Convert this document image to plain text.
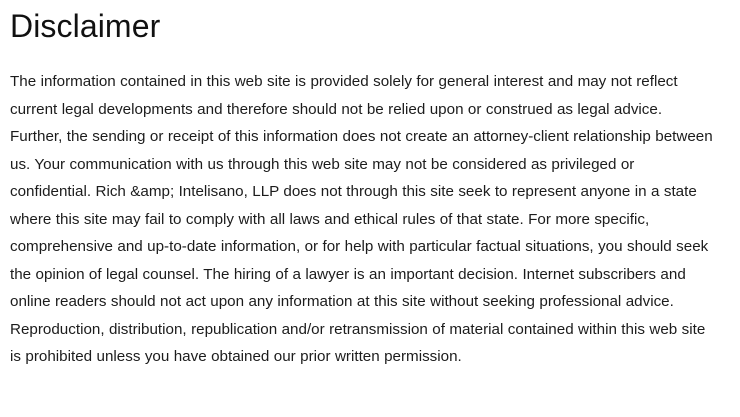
Disclaimer

The information contained in this web site is provided solely for general interest and may not reflect current legal developments and therefore should not be relied upon or construed as legal advice. Further, the sending or receipt of this information does not create an attorney-client relationship between us. Your communication with us through this web site may not be considered as privileged or confidential. Rich &amp; Intelisano, LLP does not through this site seek to represent anyone in a state where this site may fail to comply with all laws and ethical rules of that state. For more specific, comprehensive and up-to-date information, or for help with particular factual situations, you should seek the opinion of legal counsel. The hiring of a lawyer is an important decision. Internet subscribers and online readers should not act upon any information at this site without seeking professional advice. Reproduction, distribution, republication and/or retransmission of material contained within this web site is prohibited unless you have obtained our prior written permission.
